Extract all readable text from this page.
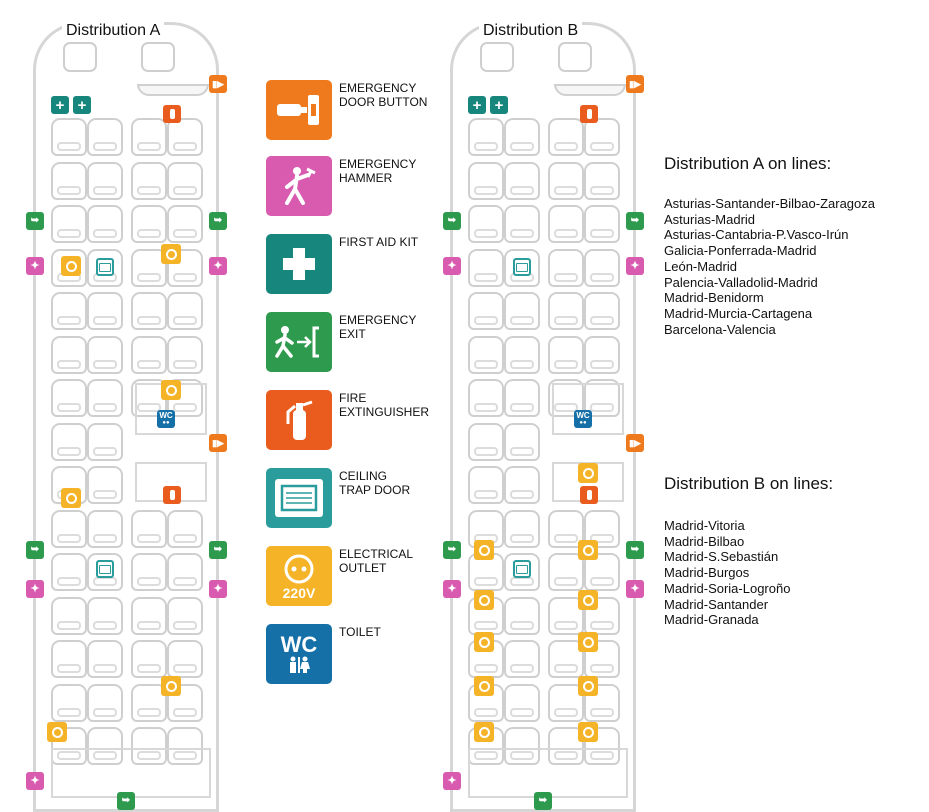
Distribution A
+ +
▮▶
➥	➥
✦	✦
WC
●●
▮▶
➥	➥
✦	✦
✦
➥
Distribution B
+ +
▮▶
➥	➥
✦	✦
WC
●●
▮▶
➥	➥
✦	✦
✦
➥
EMERGENCY
DOOR BUTTON
EMERGENCY
HAMMER
FIRST AID KIT
EMERGENCY
EXIT
FIRE
EXTINGUISHER
CEILING
TRAP DOOR
220V
ELECTRICAL
OUTLET
WC TOILET
Distribution A on lines:
Asturias-Santander-Bilbao-Zaragoza
Asturias-Madrid
Asturias-Cantabria-P.Vasco-Irún
Galicia-Ponferrada-Madrid
León-Madrid
Palencia-Valladolid-Madrid
Madrid-Benidorm
Madrid-Murcia-Cartagena
Barcelona-Valencia
Distribution B on lines:
Madrid-Vitoria
Madrid-Bilbao
Madrid-S.Sebastián
Madrid-Burgos
Madrid-Soria-Logroño
Madrid-Santander
Madrid-Granada
